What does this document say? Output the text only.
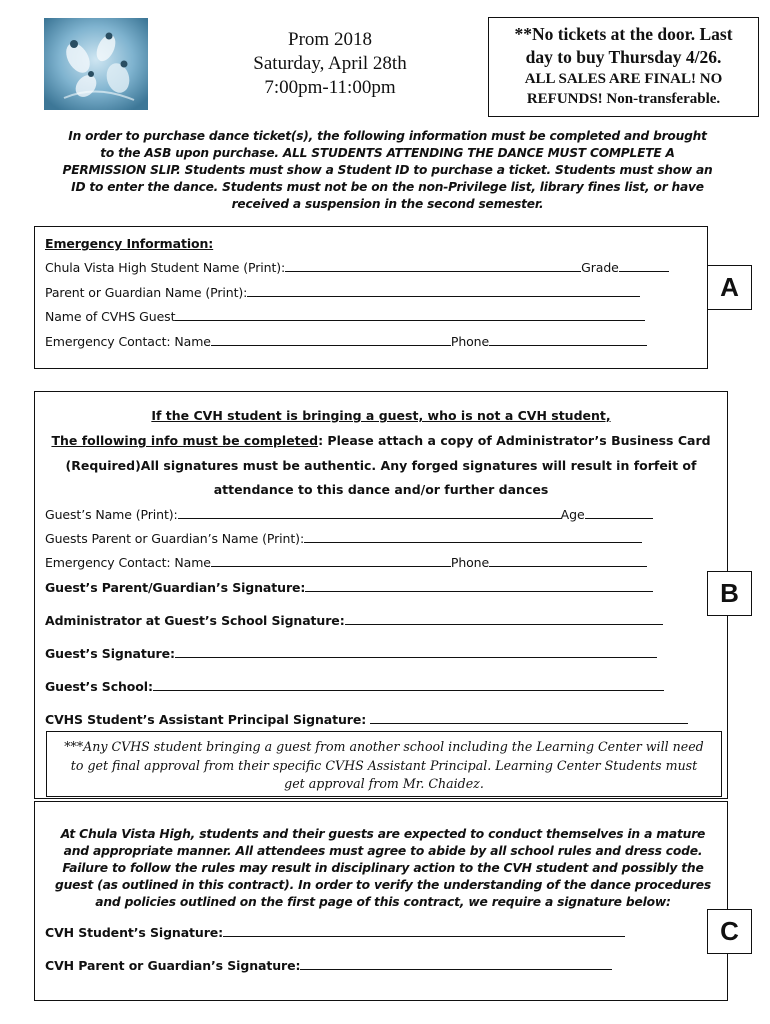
Prom 2018
Saturday, April 28th
7:00pm-11:00pm
**No tickets at the door. Last
day to buy Thursday 4/26.
ALL SALES ARE FINAL! NO
REFUNDS! Non-transferable.
In order to purchase dance ticket(s), the following information must be completed and brought
to the ASB upon purchase. ALL STUDENTS ATTENDING THE DANCE MUST COMPLETE A
PERMISSION SLIP. Students must show a Student ID to purchase a ticket. Students must show an
ID to enter the dance. Students must not be on the non-Privilege list, library fines list, or have
received a suspension in the second semester.
Emergency Information:
Chula Vista High Student Name (Print):	Grade
Parent or Guardian Name (Print):
Name of CVHS Guest
Emergency Contact: Name	Phone
A
If the CVH student is bringing a guest, who is not a CVH student,
The following info must be completed: Please attach a copy of Administrator’s Business Card
(Required)All signatures must be authentic. Any forged signatures will result in forfeit of
attendance to this dance and/or further dances
Guest’s Name (Print):	Age
Guests Parent or Guardian’s Name (Print):
Emergency Contact: Name	Phone
Guest’s Parent/Guardian’s Signature:
Administrator at Guest’s School Signature:
Guest’s Signature:
Guest’s School:
CVHS Student’s Assistant Principal Signature:
***Any CVHS student bringing a guest from another school including the Learning Center will need
to get final approval from their specific CVHS Assistant Principal. Learning Center Students must
get approval from Mr. Chaidez.
B
At Chula Vista High, students and their guests are expected to conduct themselves in a mature
and appropriate manner. All attendees must agree to abide by all school rules and dress code.
Failure to follow the rules may result in disciplinary action to the CVH student and possibly the
guest (as outlined in this contract). In order to verify the understanding of the dance procedures
and policies outlined on the first page of this contract, we require a signature below:
CVH Student’s Signature:
CVH Parent or Guardian’s Signature:
C
